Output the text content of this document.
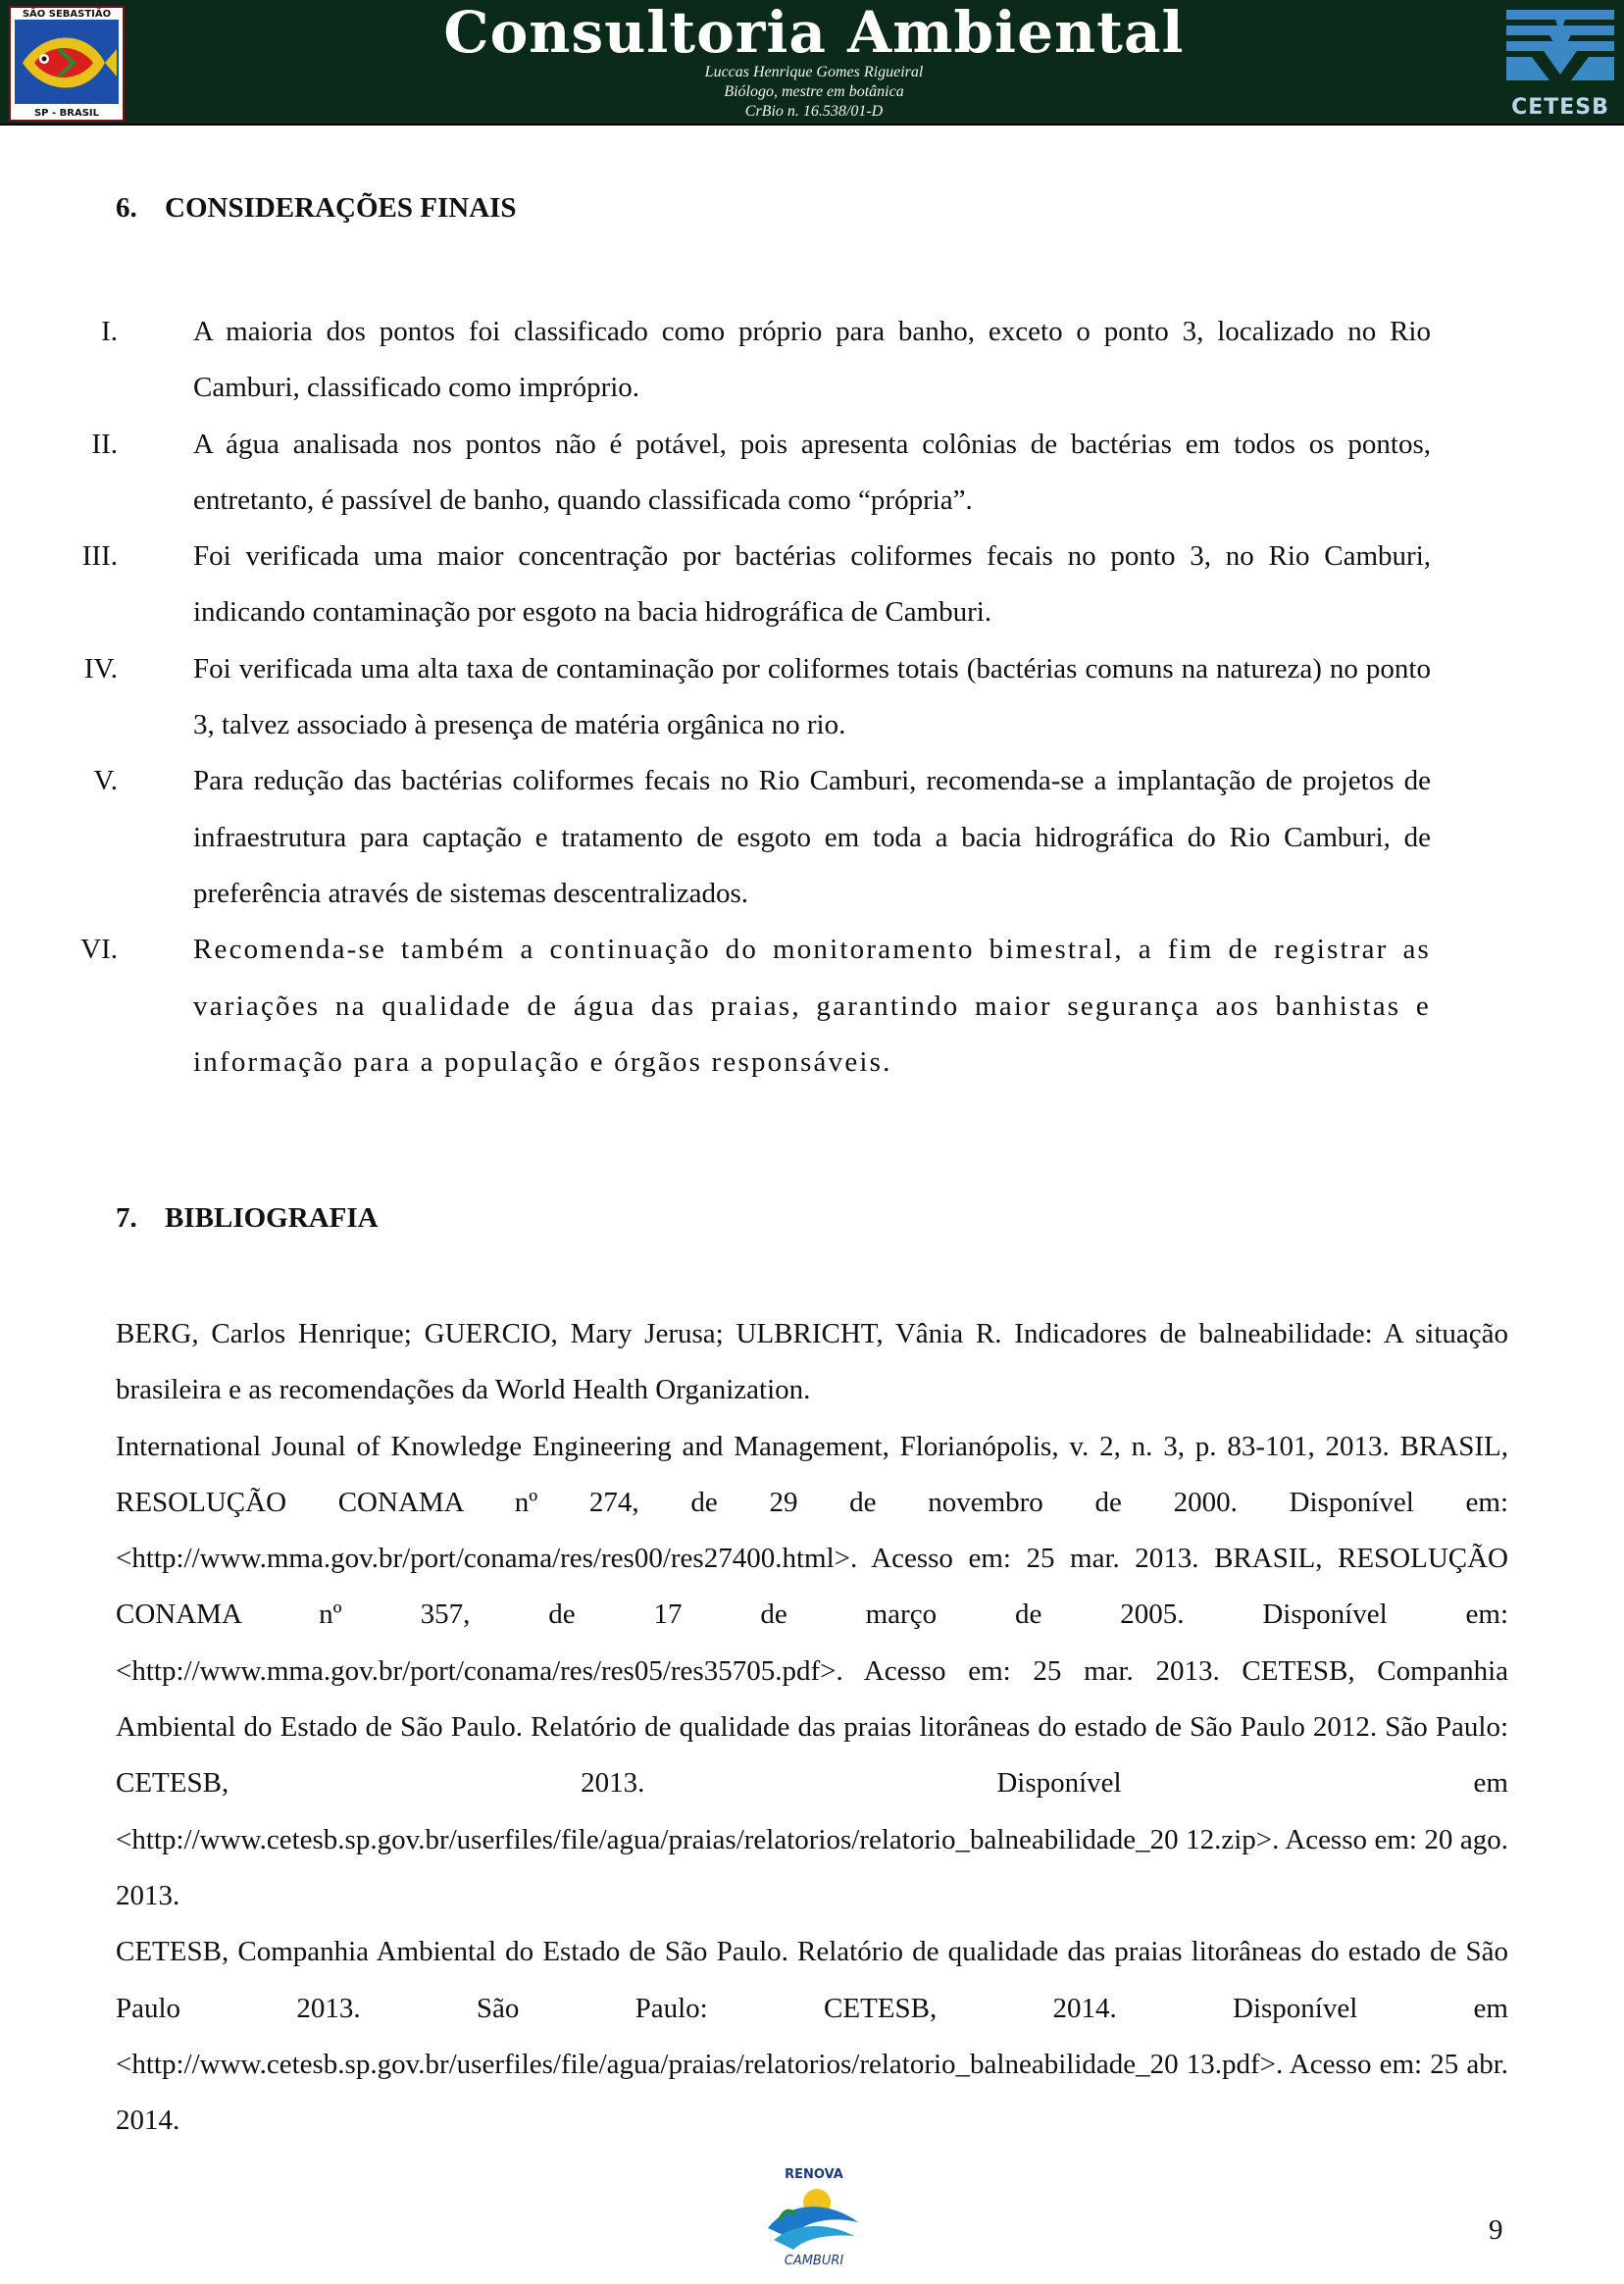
SÃO SEBASTIÃO
SP - BRASIL
Consultoria Ambiental
Luccas Henrique Gomes Rigueiral
Biólogo, mestre em botânica
CrBio n. 16.538/01-D	CETESB
6. CONSIDERAÇÕES FINAIS
I.	A maioria dos pontos foi classificado como próprio para banho, exceto o ponto 3, localizado no Rio Camburi, classificado como impróprio.
II.	A água analisada nos pontos não é potável, pois apresenta colônias de bactérias em todos os pontos, entretanto, é passível de banho, quando classificada como “própria”.
III.	Foi verificada uma maior concentração por bactérias coliformes fecais no ponto 3, no Rio Camburi, indicando contaminação por esgoto na bacia hidrográfica de Camburi.
IV.	Foi verificada uma alta taxa de contaminação por coliformes totais (bactérias comuns na natureza) no ponto 3, talvez associado à presença de matéria orgânica no rio.
V.	Para redução das bactérias coliformes fecais no Rio Camburi, recomenda-se a implantação de projetos de infraestrutura para captação e tratamento de esgoto em toda a bacia hidrográfica do Rio Camburi, de preferência através de sistemas descentralizados.
VI.	Recomenda-se também a continuação do monitoramento bimestral, a fim de registrar as variações na qualidade de água das praias, garantindo maior segurança aos banhistas e informação para a população e órgãos responsáveis.
7. BIBLIOGRAFIA

BERG, Carlos Henrique; GUERCIO, Mary Jerusa; ULBRICHT, Vânia R. Indicadores de balneabilidade: A situação brasileira e as recomendações da World Health Organization.

International Jounal of Knowledge Engineering and Management, Florianópolis, v. 2, n. 3, p. 83-101, 2013. BRASIL, RESOLUÇÃO CONAMA nº 274, de 29 de novembro de 2000. Disponível em: <http://www.mma.gov.br/port/conama/res/res00/res27400.html>. Acesso em: 25 mar. 2013. BRASIL, RESOLUÇÃO CONAMA nº 357, de 17 de março de 2005. Disponível em: <http://www.mma.gov.br/port/conama/res/res05/res35705.pdf>. Acesso em: 25 mar. 2013. CETESB, Companhia Ambiental do Estado de São Paulo. Relatório de qualidade das praias litorâneas do estado de São Paulo 2012. São Paulo: CETESB, 2013. Disponível em <http://www.cetesb.sp.gov.br/userfiles/file/agua/praias/relatorios/relatorio_balneabilidade_20 12.zip>. Acesso em: 20 ago. 2013.

CETESB, Companhia Ambiental do Estado de São Paulo. Relatório de qualidade das praias litorâneas do estado de São Paulo 2013. São Paulo: CETESB, 2014. Disponível em <http://www.cetesb.sp.gov.br/userfiles/file/agua/praias/relatorios/relatorio_balneabilidade_20 13.pdf>. Acesso em: 25 abr. 2014.

RENOVA
CAMBURI
9
